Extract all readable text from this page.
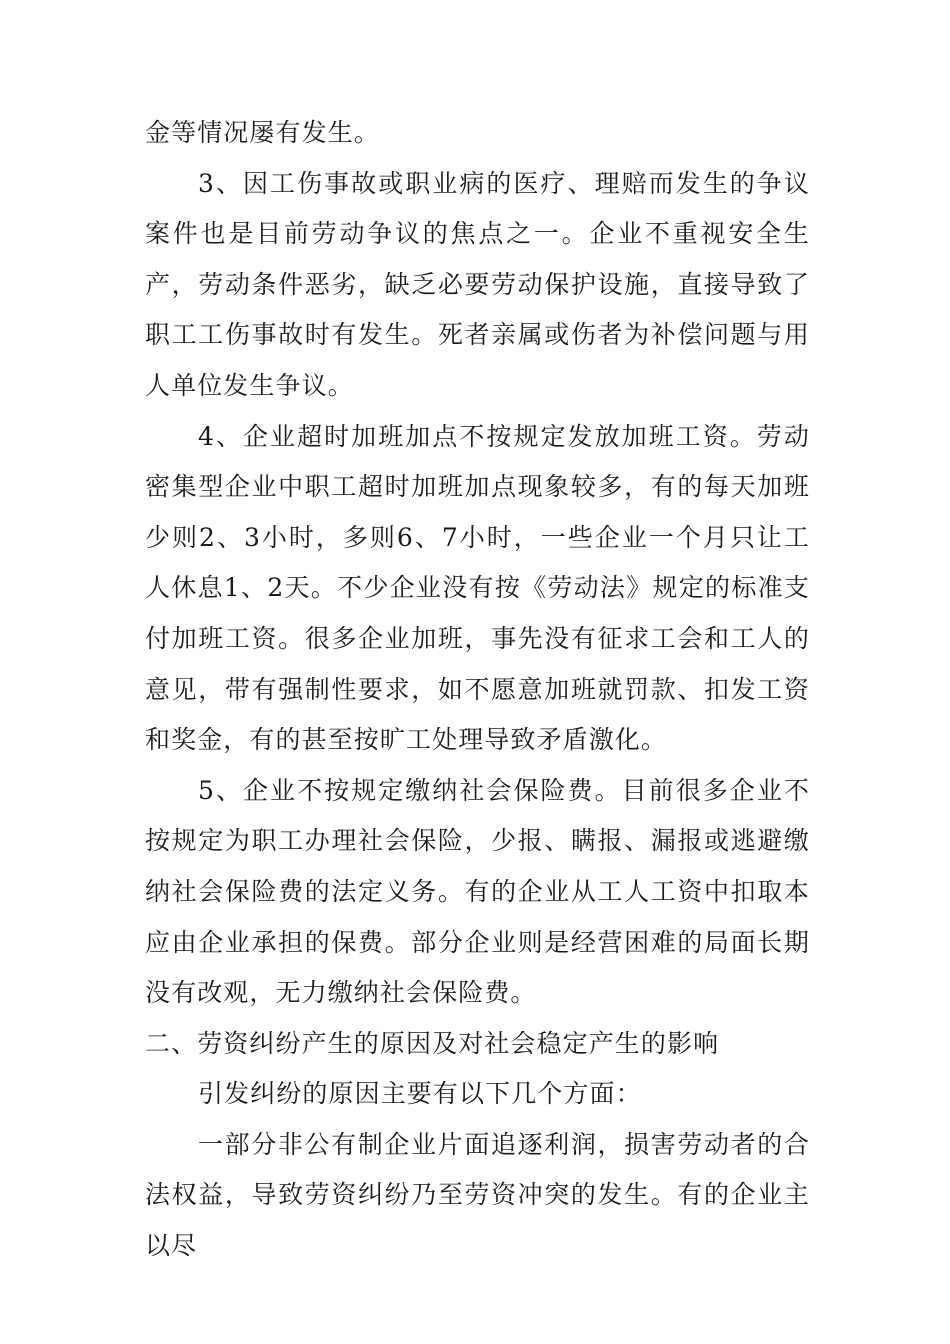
金等情况屡有发生。

3、因工伤事故或职业病的医疗、理赔而发生的争议案件也是目前劳动争议的焦点之一。企业不重视安全生产，劳动条件恶劣，缺乏必要劳动保护设施，直接导致了职工工伤事故时有发生。死者亲属或伤者为补偿问题与用人单位发生争议。

4、企业超时加班加点不按规定发放加班工资。劳动密集型企业中职工超时加班加点现象较多，有的每天加班少则2、3小时，多则6、7小时，一些企业一个月只让工人休息1、2天。不少企业没有按《劳动法》规定的标准支付加班工资。很多企业加班，事先没有征求工会和工人的意见，带有强制性要求，如不愿意加班就罚款、扣发工资和奖金，有的甚至按旷工处理导致矛盾激化。

5、企业不按规定缴纳社会保险费。目前很多企业不按规定为职工办理社会保险，少报、瞒报、漏报或逃避缴纳社会保险费的法定义务。有的企业从工人工资中扣取本应由企业承担的保费。部分企业则是经营困难的局面长期没有改观，无力缴纳社会保险费。

二、劳资纠纷产生的原因及对社会稳定产生的影响

引发纠纷的原因主要有以下几个方面：

一部分非公有制企业片面追逐利润，损害劳动者的合法权益，导致劳资纠纷乃至劳资冲突的发生。有的企业主以尽
